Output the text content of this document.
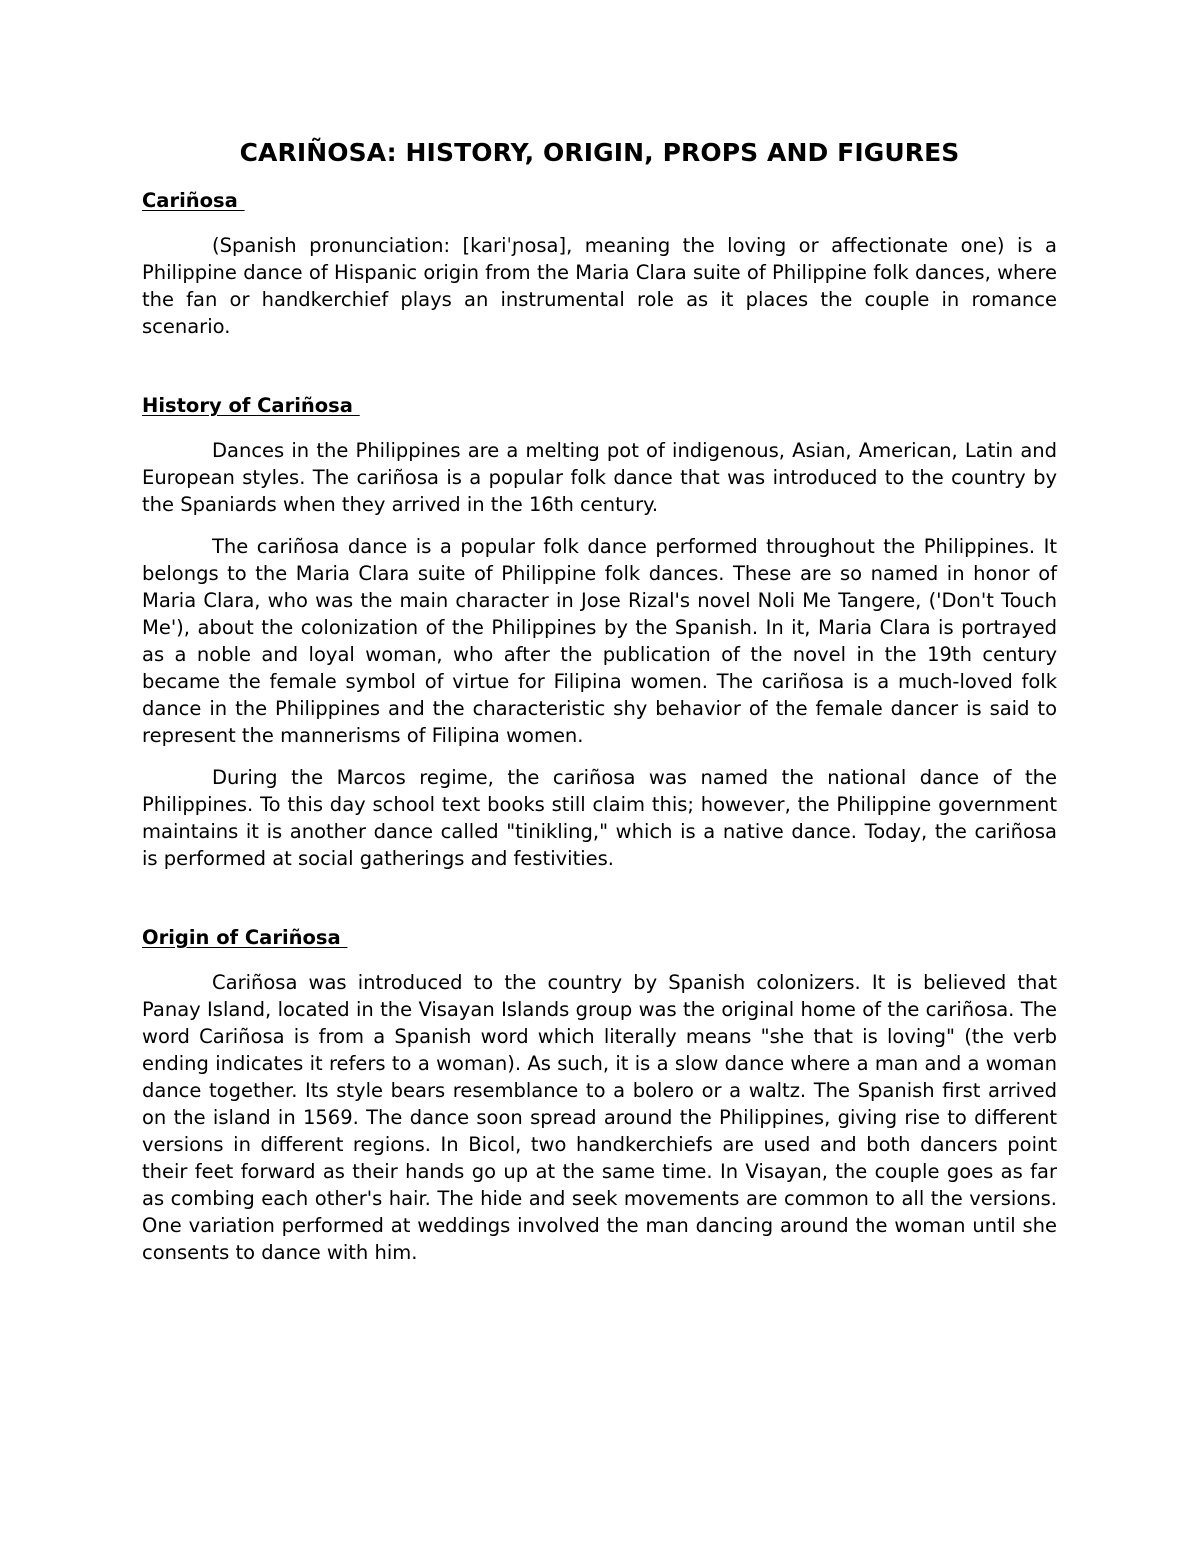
CARIÑOSA: HISTORY, ORIGIN, PROPS AND FIGURES
Cariñosa

(Spanish pronunciation: [kariˈɲosa], meaning the loving or affectionate one) is a Philippine dance of Hispanic origin from the Maria Clara suite of Philippine folk dances, where the fan or handkerchief plays an instrumental role as it places the couple in romance scenario.

History of Cariñosa

Dances in the Philippines are a melting pot of indigenous, Asian, American, Latin and European styles. The cariñosa is a popular folk dance that was introduced to the country by the Spaniards when they arrived in the 16th century.

The cariñosa dance is a popular folk dance performed throughout the Philippines. It belongs to the Maria Clara suite of Philippine folk dances. These are so named in honor of Maria Clara, who was the main character in Jose Rizal's novel Noli Me Tangere, ('Don't Touch Me'), about the colonization of the Philippines by the Spanish. In it, Maria Clara is portrayed as a noble and loyal woman, who after the publication of the novel in the 19th century became the female symbol of virtue for Filipina women. The cariñosa is a much-loved folk dance in the Philippines and the characteristic shy behavior of the female dancer is said to represent the mannerisms of Filipina women.

During the Marcos regime, the cariñosa was named the national dance of the Philippines. To this day school text books still claim this; however, the Philippine government maintains it is another dance called "tinikling," which is a native dance. Today, the cariñosa is performed at social gatherings and festivities.

Origin of Cariñosa

Cariñosa was introduced to the country by Spanish colonizers. It is believed that Panay Island, located in the Visayan Islands group was the original home of the cariñosa. The word Cariñosa is from a Spanish word which literally means "she that is loving" (the verb ending indicates it refers to a woman). As such, it is a slow dance where a man and a woman dance together. Its style bears resemblance to a bolero or a waltz. The Spanish first arrived on the island in 1569. The dance soon spread around the Philippines, giving rise to different versions in different regions. In Bicol, two handkerchiefs are used and both dancers point their feet forward as their hands go up at the same time. In Visayan, the couple goes as far as combing each other's hair. The hide and seek movements are common to all the versions. One variation performed at weddings involved the man dancing around the woman until she consents to dance with him.
